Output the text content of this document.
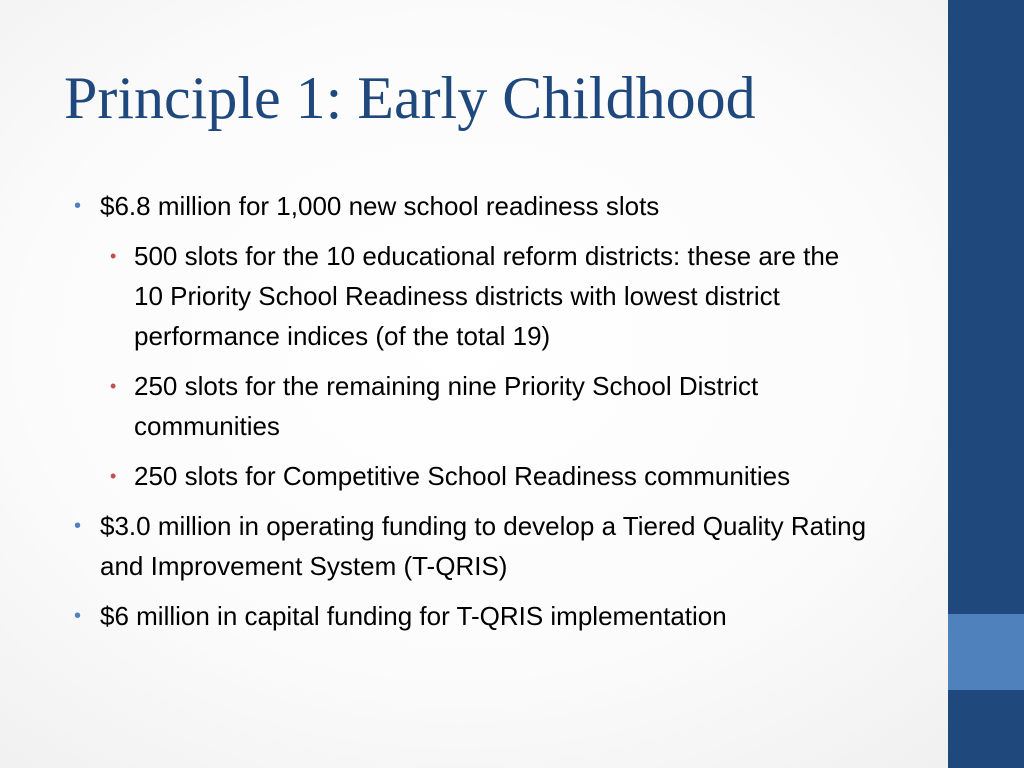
Principle 1: Early Childhood
• $6.8 million for 1,000 new school readiness slots
• 500 slots for the 10 educational reform districts: these are the 10 Priority School Readiness districts with lowest district performance indices (of the total 19)
• 250 slots for the remaining nine Priority School District communities
• 250 slots for Competitive School Readiness communities
• $3.0 million in operating funding to develop a Tiered Quality Rating and Improvement System (T-QRIS)
• $6 million in capital funding for T-QRIS implementation
